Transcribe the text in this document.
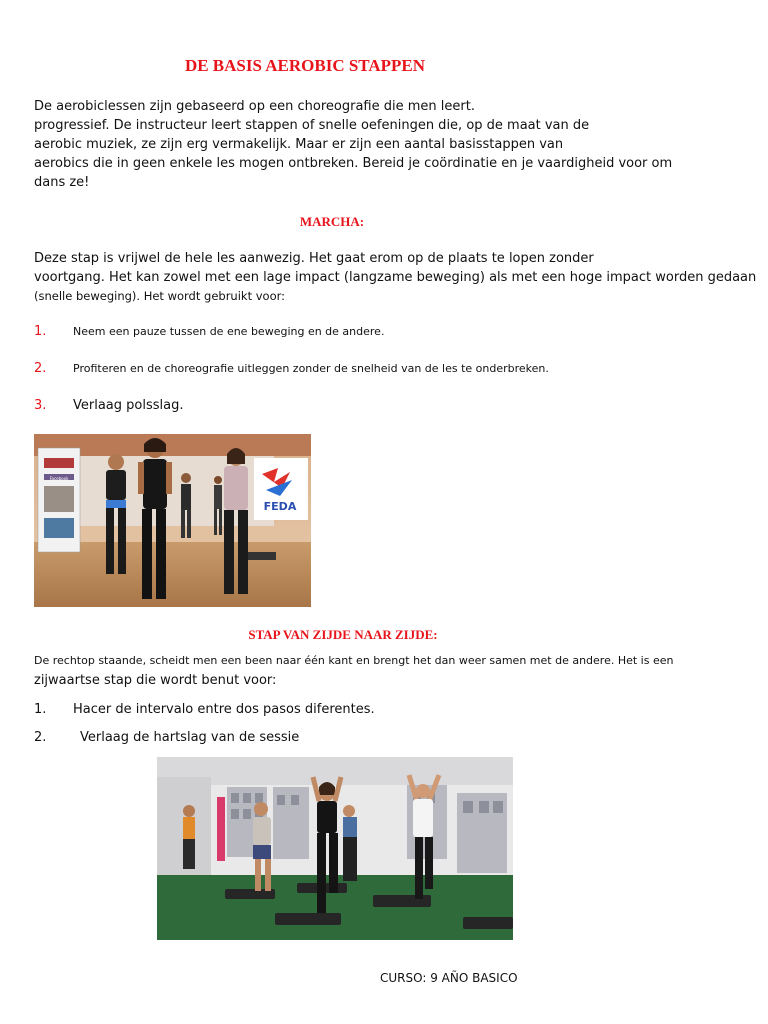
DE BASIS AEROBIC STAPPEN
De aerobiclessen zijn gebaseerd op een choreografie die men leert.
progressief. De instructeur leert stappen of snelle oefeningen die, op de maat van de
aerobic muziek, ze zijn erg vermakelijk. Maar er zijn een aantal basisstappen van
aerobics die in geen enkele les mogen ontbreken. Bereid je coördinatie en je vaardigheid voor om
dans ze!
MARCHA:
Deze stap is vrijwel de hele les aanwezig. Het gaat erom op de plaats te lopen zonder
voortgang. Het kan zowel met een lage impact (langzame beweging) als met een hoge impact worden gedaan
(snelle beweging). Het wordt gebruikt voor:
1. Neem een pauze tussen de ene beweging en de andere.
2. Profiteren en de choreografie uitleggen zonder de snelheid van de les te onderbreken.
3. Verlaag polsslag.
Facebook
FEDA
STAP VAN ZIJDE NAAR ZIJDE:
De rechtop staande, scheidt men een been naar één kant en brengt het dan weer samen met de andere. Het is een
zijwaartse stap die wordt benut voor:
1. Hacer de intervalo entre dos pasos diferentes.
2.	Verlaag de hartslag van de sessie
CURSO: 9 AÑO BASICO
